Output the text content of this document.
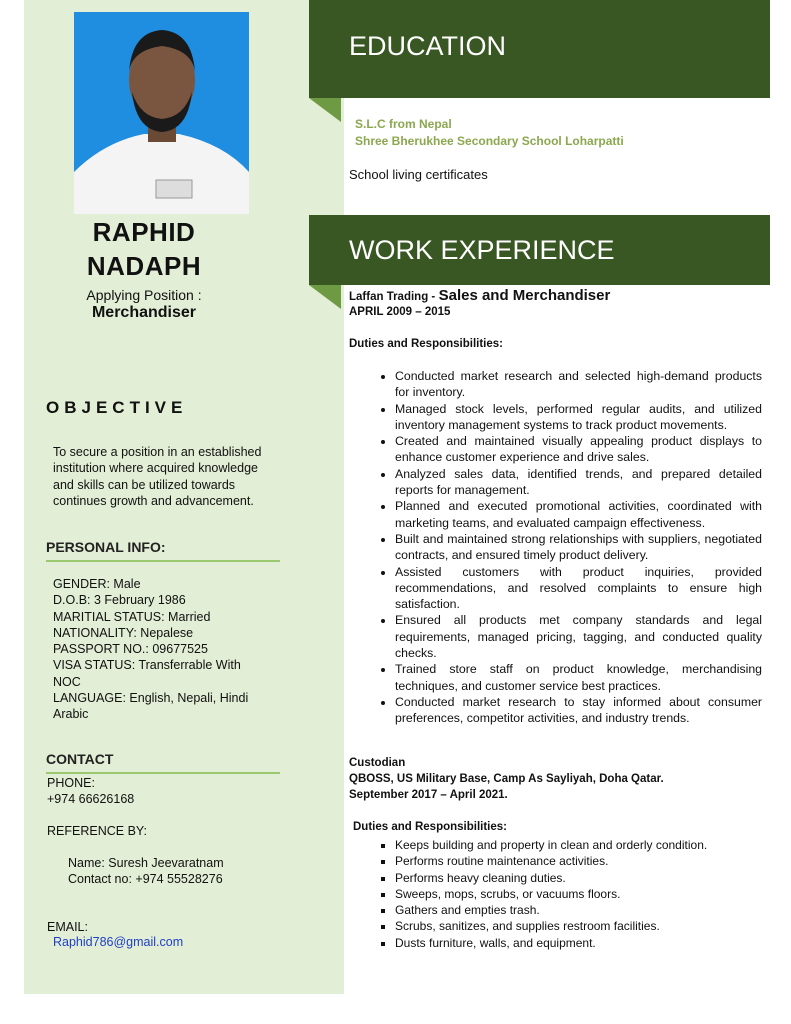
RAPHID
NADAPH
Applying Position :
Merchandiser
OBJECTIVE
To secure a position in an established institution where acquired knowledge and skills can be utilized towards continues growth and advancement.
PERSONAL INFO:
GENDER: Male
D.O.B: 3 February 1986
MARITIAL STATUS: Married
NATIONALITY: Nepalese
PASSPORT NO.: 09677525
VISA STATUS: Transferrable With NOC
LANGUAGE: English, Nepali, Hindi Arabic
CONTACT
PHONE:
+974 66626168
REFERENCE BY:
Name: Suresh Jeevaratnam
Contact no: +974 55528276
EMAIL:
Raphid786@gmail.com
EDUCATION
S.L.C from Nepal
Shree Bherukhee Secondary School Loharpatti
School living certificates
WORK EXPERIENCE
Laffan Trading - Sales and Merchandiser
APRIL 2009 – 2015
Duties and Responsibilities:
• Conducted market research and selected high-demand products for inventory.
• Managed stock levels, performed regular audits, and utilized inventory management systems to track product movements.
• Created and maintained visually appealing product displays to enhance customer experience and drive sales.
• Analyzed sales data, identified trends, and prepared detailed reports for management.
• Planned and executed promotional activities, coordinated with marketing teams, and evaluated campaign effectiveness.
• Built and maintained strong relationships with suppliers, negotiated contracts, and ensured timely product delivery.
• Assisted customers with product inquiries, provided recommendations, and resolved complaints to ensure high satisfaction.
• Ensured all products met company standards and legal requirements, managed pricing, tagging, and conducted quality checks.
• Trained store staff on product knowledge, merchandising techniques, and customer service best practices.
• Conducted market research to stay informed about consumer preferences, competitor activities, and industry trends.
Custodian
QBOSS, US Military Base, Camp As Sayliyah, Doha Qatar.
September 2017 – April 2021.
Duties and Responsibilities:
▪ Keeps building and property in clean and orderly condition.
▪ Performs routine maintenance activities.
▪ Performs heavy cleaning duties.
▪ Sweeps, mops, scrubs, or vacuums floors.
▪ Gathers and empties trash.
▪ Scrubs, sanitizes, and supplies restroom facilities.
▪ Dusts furniture, walls, and equipment.
